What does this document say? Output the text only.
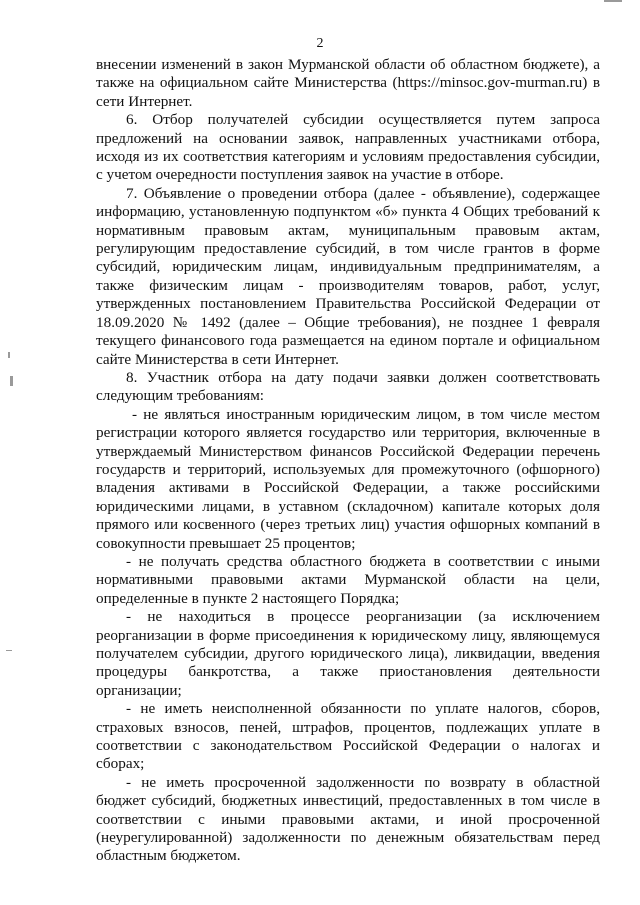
2

внесении изменений в закон Мурманской области об областном бюджете), а также на официальном сайте Министерства (https://minsoc.gov-murman.ru) в сети Интернет.

6. Отбор получателей субсидии осуществляется путем запроса предложений на основании заявок, направленных участниками отбора, исходя из их соответствия категориям и условиям предоставления субсидии, с учетом очередности поступления заявок на участие в отборе.

7. Объявление о проведении отбора (далее - объявление), содержащее информацию, установленную подпунктом «б» пункта 4 Общих требований к нормативным правовым актам, муниципальным правовым актам, регулирующим предоставление субсидий, в том числе грантов в форме субсидий, юридическим лицам, индивидуальным предпринимателям, а также физическим лицам - производителям товаров, работ, услуг, утвержденных постановлением Правительства Российской Федерации от 18.09.2020 № 1492 (далее – Общие требования), не позднее 1 февраля текущего финансового года размещается на едином портале и официальном сайте Министерства в сети Интернет.

8. Участник отбора на дату подачи заявки должен соответствовать следующим требованиям:

- не являться иностранным юридическим лицом, в том числе местом регистрации которого является государство или территория, включенные в утверждаемый Министерством финансов Российской Федерации перечень государств и территорий, используемых для промежуточного (офшорного) владения активами в Российской Федерации, а также российскими юридическими лицами, в уставном (складочном) капитале которых доля прямого или косвенного (через третьих лиц) участия офшорных компаний в совокупности превышает 25 процентов;

- не получать средства областного бюджета в соответствии с иными нормативными правовыми актами Мурманской области на цели, определенные в пункте 2 настоящего Порядка;

- не находиться в процессе реорганизации (за исключением реорганизации в форме присоединения к юридическому лицу, являющемуся получателем субсидии, другого юридического лица), ликвидации, введения процедуры банкротства, а также приостановления деятельности организации;

- не иметь неисполненной обязанности по уплате налогов, сборов, страховых взносов, пеней, штрафов, процентов, подлежащих уплате в соответствии с законодательством Российской Федерации о налогах и сборах;

- не иметь просроченной задолженности по возврату в областной бюджет субсидий, бюджетных инвестиций, предоставленных в том числе в соответствии с иными правовыми актами, и иной просроченной (неурегулированной) задолженности по денежным обязательствам перед областным бюджетом.
